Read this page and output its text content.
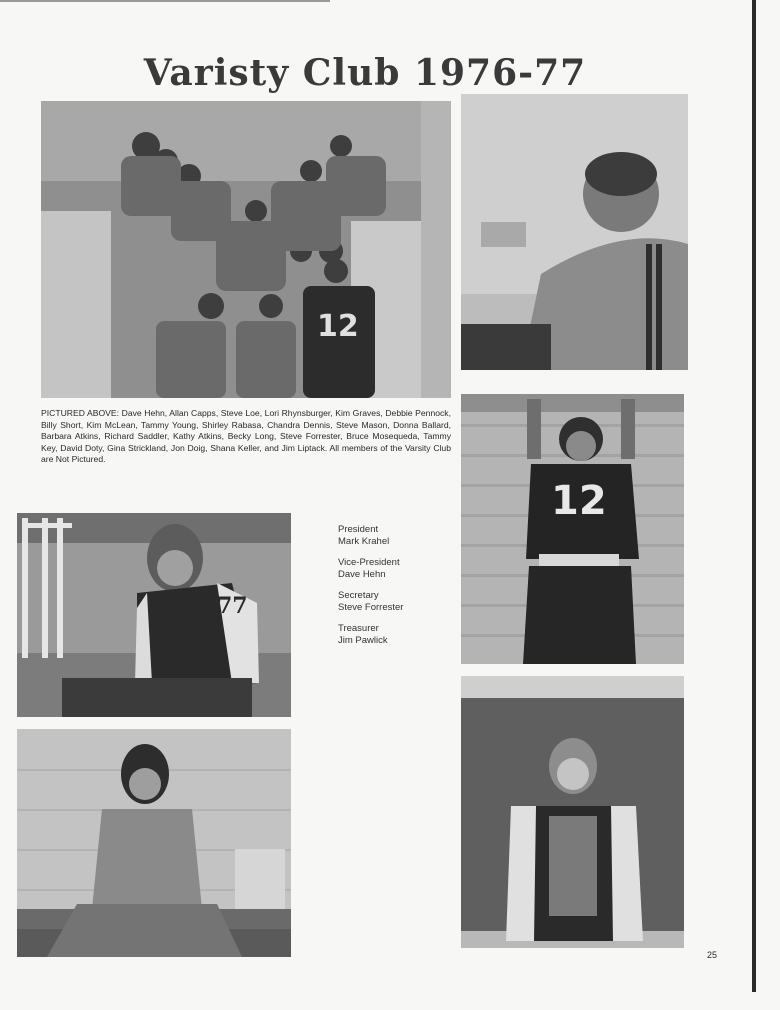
Varisty Club 1976-77
12
12
77
PICTURED ABOVE: Dave Hehn, Allan Capps, Steve Loe, Lori Rhynsburger, Kim Graves, Debbie Pennock, Billy Short, Kim McLean, Tammy Young, Shirley Rabasa, Chandra Dennis, Steve Mason, Donna Ballard, Barbara Atkins, Richard Saddler, Kathy Atkins, Becky Long, Steve Forrester, Bruce Mosequeda, Tammy Key, David Doty, Gina Strickland, Jon Doig, Shana Keller, and Jim Liptack. All members of the Varsity Club are Not Pictured.
President
Mark Krahel
Vice-President
Dave Hehn
Secretary
Steve Forrester
Treasurer
Jim Pawlick
25
